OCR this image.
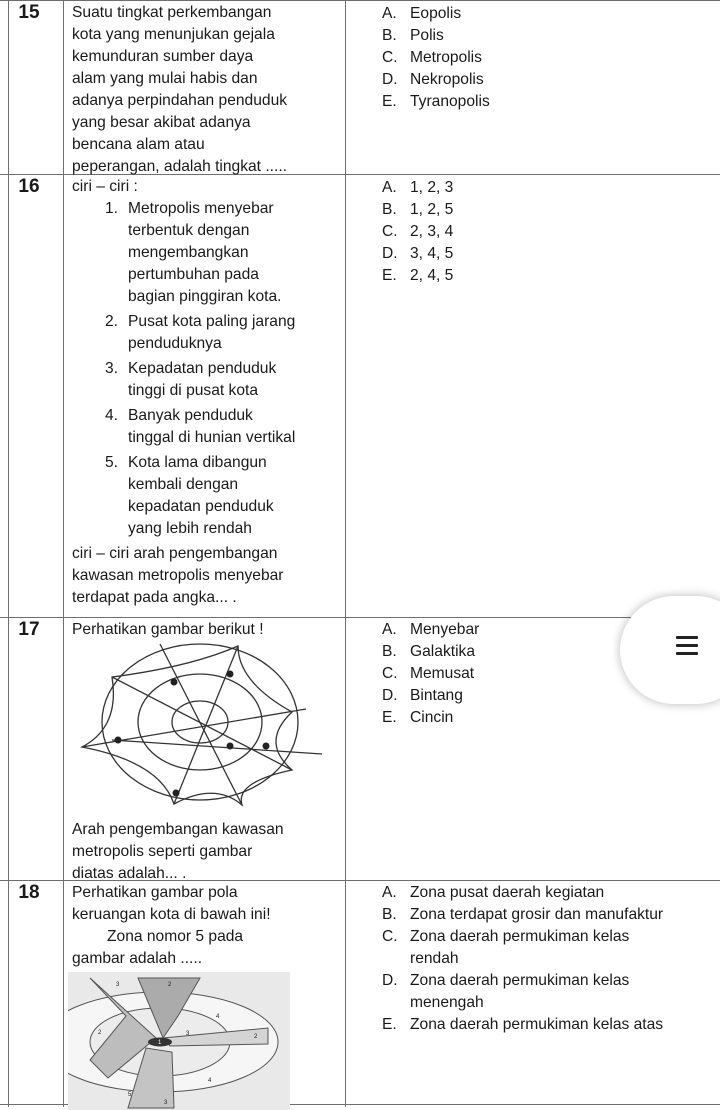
15	Suatu tingkat perkembangan
kota yang menunjukan gejala
kemunduran sumber daya
alam yang mulai habis dan
adanya perpindahan penduduk
yang besar akibat adanya
bencana alam atau
peperangan, adalah tingkat .....
A. Eopolis
B. Polis
C. Metropolis
D. Nekropolis
E. Tyranopolis
16	ciri – ciri :
1. Metropolis menyebar
terbentuk dengan
mengembangkan
pertumbuhan pada
bagian pinggiran kota.
2. Pusat kota paling jarang
penduduknya
3. Kepadatan penduduk
tinggi di pusat kota
4. Banyak penduduk
tinggal di hunian vertikal
5. Kota lama dibangun
kembali dengan
kepadatan penduduk
yang lebih rendah
ciri – ciri arah pengembangan
kawasan metropolis menyebar
terdapat pada angka... .
A. 1, 2, 3
B. 1, 2, 5
C. 2, 3, 4
D. 3, 4, 5
E. 2, 4, 5
17	Perhatikan gambar berikut !
Arah pengembangan kawasan
metropolis seperti gambar
diatas adalah... .
A. Menyebar
B. Galaktika
C. Memusat
D. Bintang
E. Cincin
18	Perhatikan gambar pola
keruangan kota di bawah ini!
Zona nomor 5 pada
gambar adalah .....
3	2
4
2
1
3	2
4
5
3
A. Zona pusat daerah kegiatan
B. Zona terdapat grosir dan manufaktur
C. Zona daerah permukiman kelas
rendah
D. Zona daerah permukiman kelas
menengah
E. Zona daerah permukiman kelas atas
